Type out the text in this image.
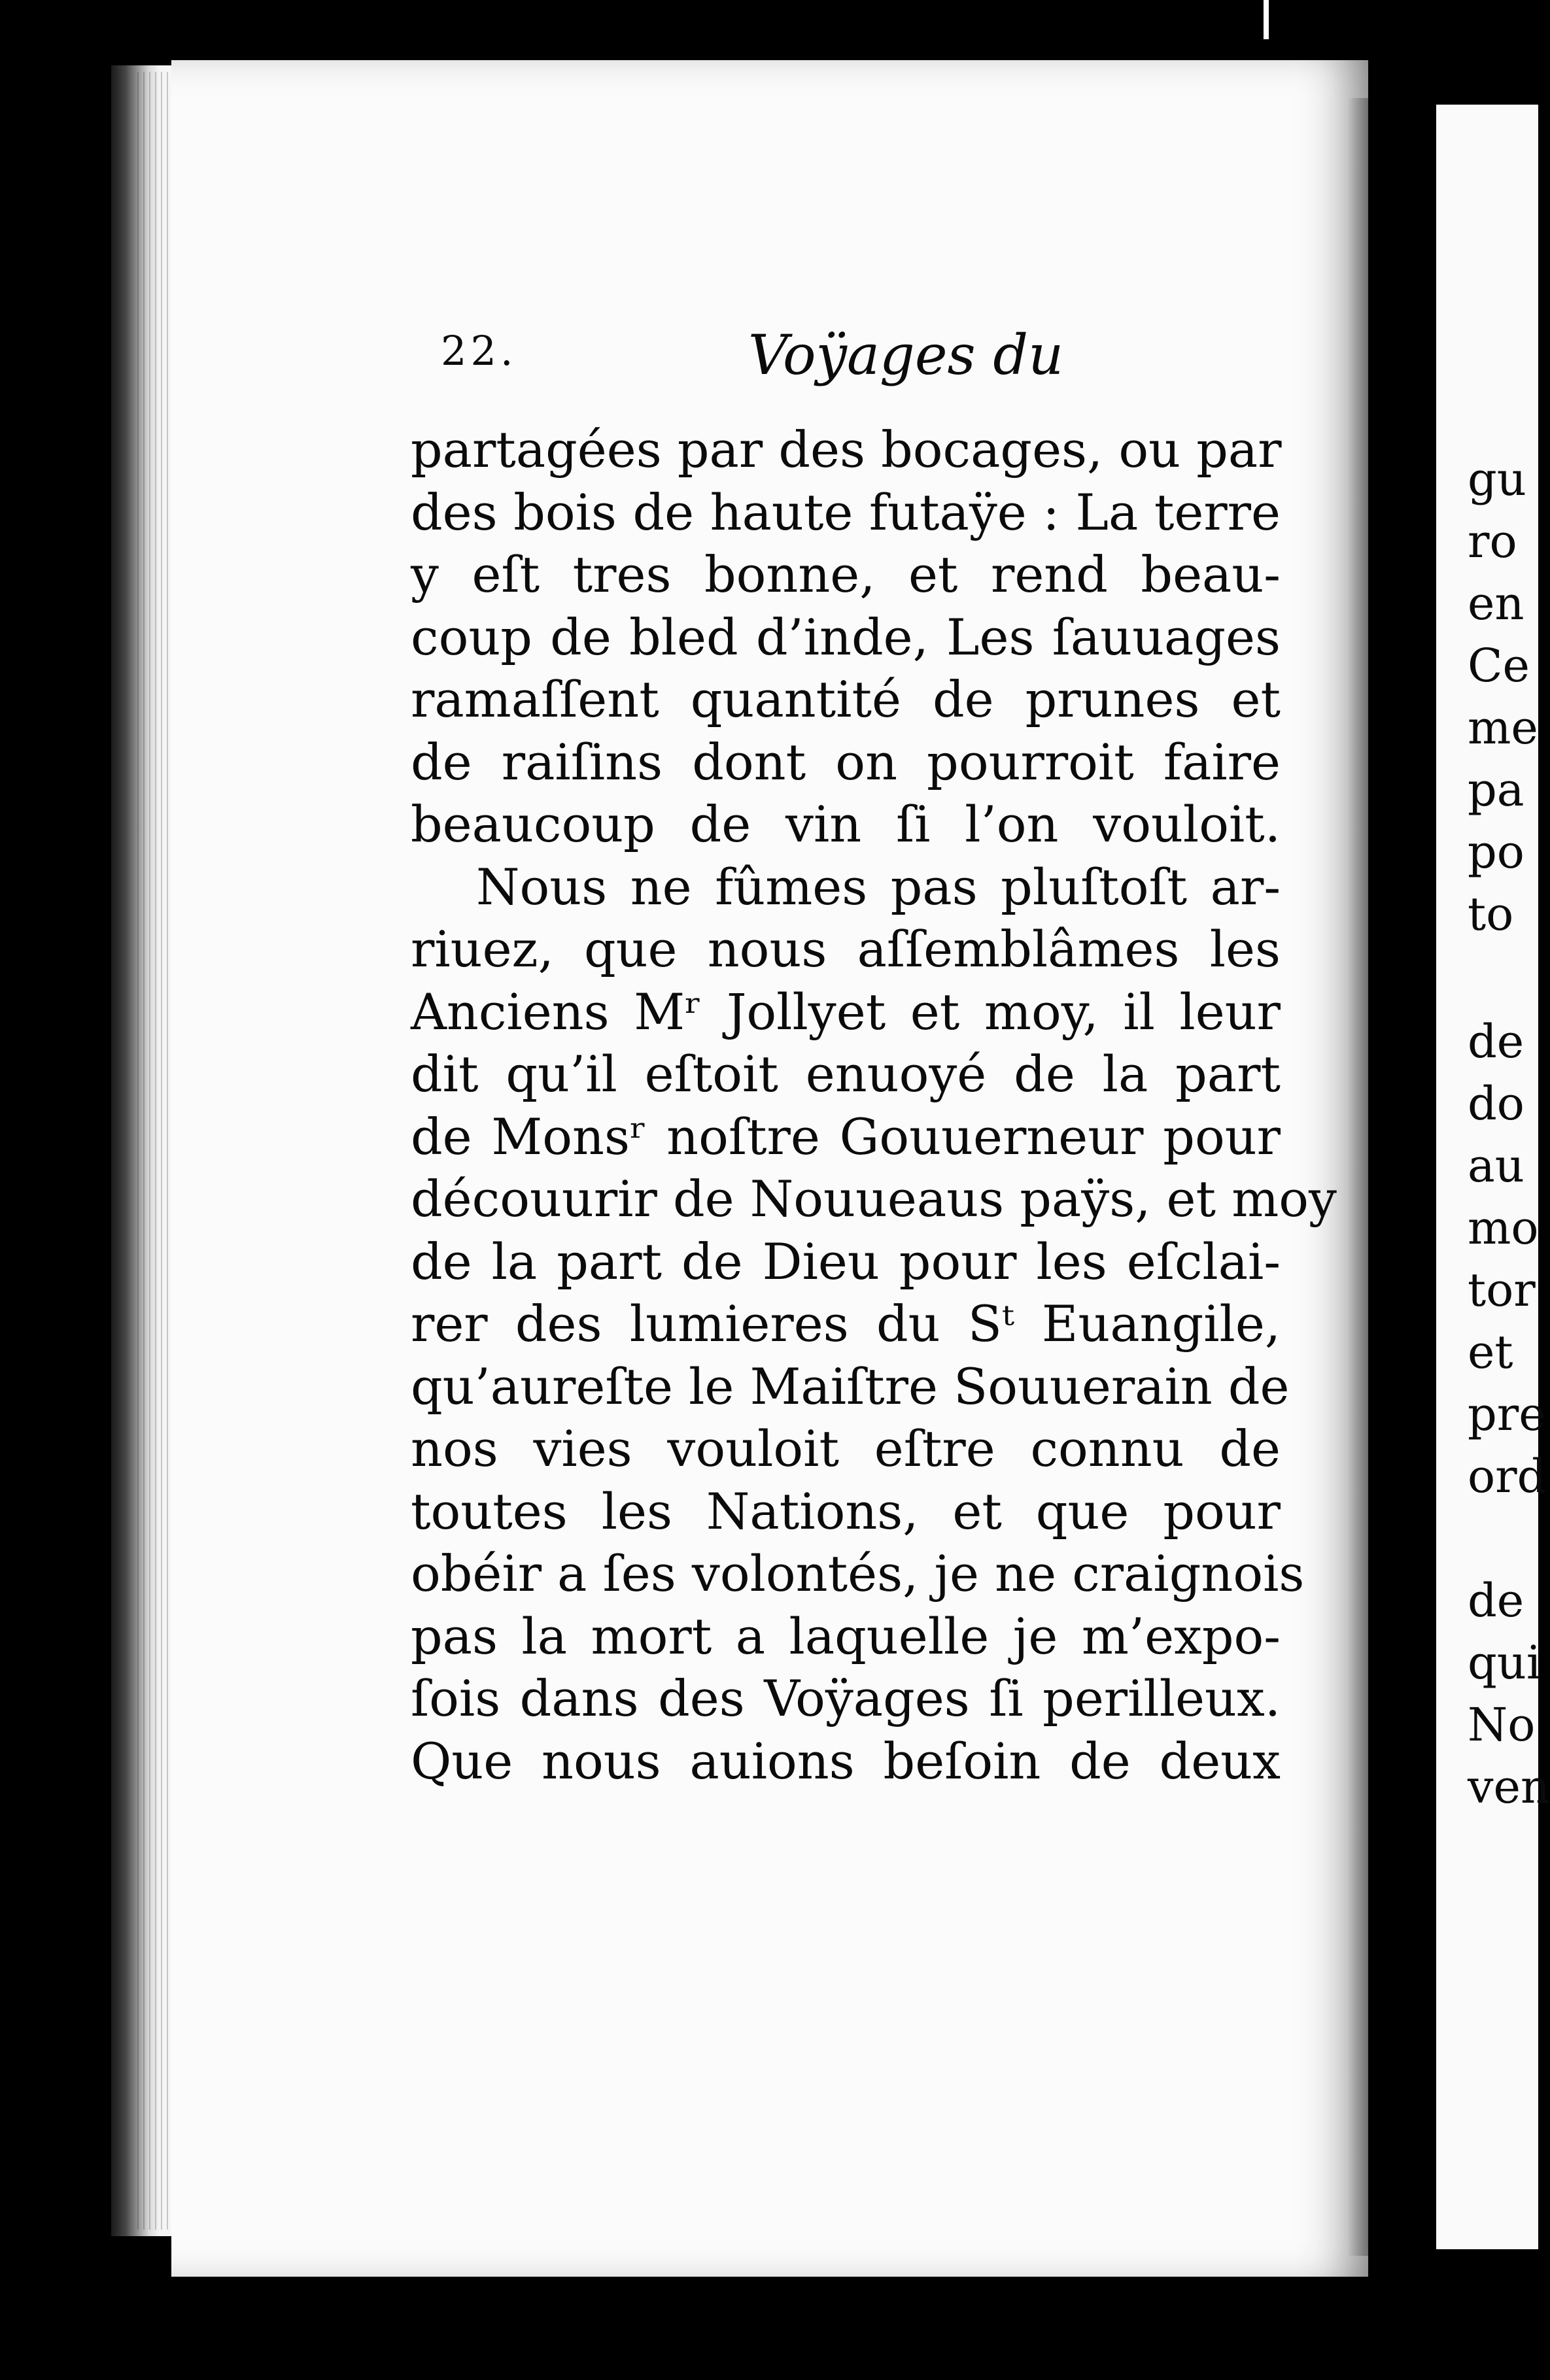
22.	Voÿages du
partagées par des bocages, ou par
des bois de haute futaÿe : La terre
y eſt tres bonne, et rend beau-
coup de bled d’inde, Les ſauuages
ramaſſent quantité de prunes et
de raiſins dont on pourroit faire
beaucoup de vin ſi l’on vouloit.
Nous ne fûmes pas pluſtoſt ar-
riuez, que nous aſſemblâmes les
Anciens Mʳ Jollyet et moy, il leur
dit qu’il eſtoit enuoyé de la part
de Monsʳ noſtre Gouuerneur pour
découurir de Nouueaus paÿs, et moy
de la part de Dieu pour les eſclai-
rer des lumieres du Sᵗ Euangile,
qu’aureſte le Maiſtre Souuerain de
nos vies vouloit eſtre connu de
toutes les Nations, et que pour
obéir a ſes volontés, je ne craignois
pas la mort a laquelle je m’expo-
ſois dans des Voÿages ſi perilleux.
Que nous auions beſoin de deux
gu
ro
en
Ce
me
pa
po
to
de
do
au
mo
tor
et
pre
ord
de
qui
No
ven
